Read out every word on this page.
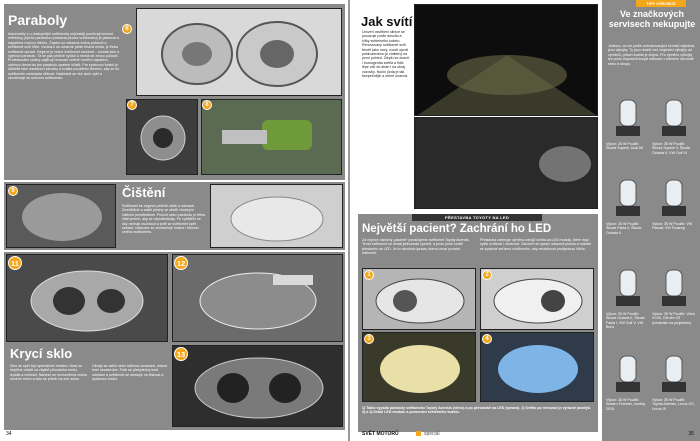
Paraboly
Automobily s u dostupnější světlomety nejčastěji používají lomené reflektory, jejichž parabolou (odrazná plocha světlometu) je plastová a napařená vrstvou hliníku. Časem se odrazná vrstva poškodí a světlomet svítí hůře. Vzniká-li na odrazné ploše tmavá místa, je třeba světlomet opravit. Nejprve je nutné světlomet rozebrat – sundat sklo a vyjmout parabolu. Ta se pak pečlivě vyčistí a nechá se znovu pokovit. Profesionální služby zajišťují renovaci včetně nového napaření, zatímco doma lze jen parabolu opatrně očistit. Pro správnou funkci je důležité také nastavení žárovky a kvalita použitého těsnění, aby se do světlometu nedostala vlhkost. Následně se vše složí zpět a zkontroluje se seřízení světlometu.
6
7	8
9	Čištění
Světlomet se nejprve pečlivě očistí a odmastí. Znečištěné a zašlé plochy se ošetří vhodným čisticím prostředkem. Povrch skla i parabolu je třeba čistit jemně, aby se nepoškrábaly. Po vyčištění se díly nechají oschnout a poté se světlomet opět sestaví. Nakonec se zkontroluje funkce i těsnost celého světlometu.
11	12
Krycí sklo
Sklo se opět lepí speciálním tmelem. Musí se nejdříve očistit od zbytků původního tmelu, lepidla a nečistot. Nanese se rovnoměrná vrstva nového tmelu a sklo se přiloží na své místo.
Okraje se zatíží nebo stáhnou svorkami, dokud tmel nezatvrdne. Poté se přebytečný tmel odstraní a světlomet se otestuje na těsnost a správnou funkci.
13
34
Jak svítí
Úroveň osvětlení silnice se posuzuje podle dosvitu a šířky světelného kuželu. Renovovaný světlomet svítí téměř jako nový, rozdíl oproti poškozenému je viditelný na první pohled. Zlepší se dosvit i homogenita světla a řidič lépe vidí do stran i na okraj vozovky. Noční jízda je tak bezpečnější a méně únavná.
TIPY VÝROBCE
Ve značkových servisech nekupujte
Jedinou, co lze podle autorizovaných servisů objednat, jsou výbojky. Ty jsou dražší než originální výbojky od výrobců, přitom kvalita je stejná. Pro výměnu výbojky lze proto doporučit koupit náhradu v běžném obchodě nebo e-shopu.
Výkon: 25 W Použití: Škoda Superb, Audi A6
Výkon: 35 W Použití: Škoda Superb II, Škoda Octavia II, VW Golf VI
Výkon: 35 W Použití: Škoda Fabia II, Škoda Octavia II
Výkon: 35 W Použití: VW Passat, VW Touareg
Výkon: 35 W Použití: Škoda Octavia II, Škoda Fabia I, VW Golf V, VW Bora
Výkon: 35 W Použití: Volvo XC90, Citroën C5 (nezávisle na projektoru)
Výkon: 35 W Použití: Subaru Forester, modely 2015
Výkon: 35 W Použití: Toyota Avensis, Lexus GS, Lexus IS
PŘESTAVBA TOYOTY NA LED
Největší pacient? Zachrání ho LED
Za nejvíce náročný „pacient“ považujeme světlomet Toyoty Avensis. Tento světlomet se nedal jednoduše opravit, a proto jsme zvolili přestavbu na LED. Je to náročná úprava, kterou musí provést odborník.
Přestavba zahrnuje výměnu zdrojů světla za LED moduly, které mají vyšší svítivost i životnost. Zároveň se upraví odrazná plocha a nastaví se správné seřízení světlometu, aby neoslňoval protijedoucí řidiče.
1	2
3	4
1) Takto vypadá paraboly světlometu Toyoty Avensis (vlevo) a po přestavbě na LED (vpravo). 2) Světlo po renovaci je výrazně jasnější. 3) a 4) Detail LED modulu a porovnání světelného kuželu.
SVĚT MOTORŮ	speciál	35
